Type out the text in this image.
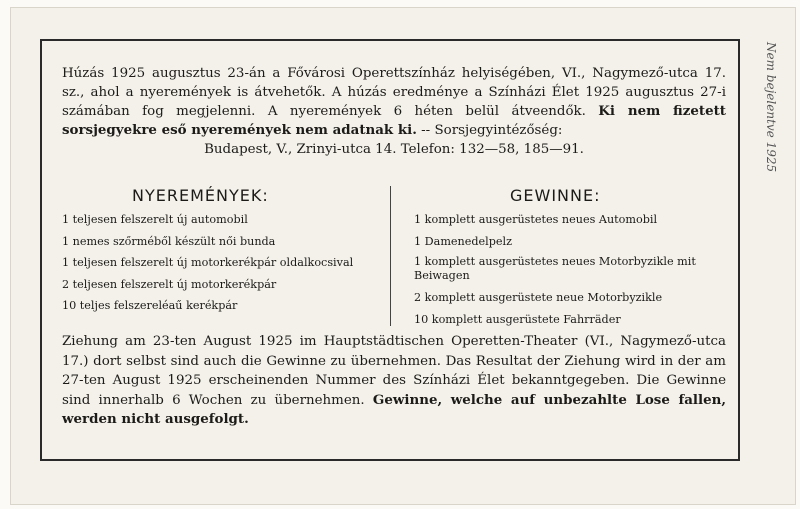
Húzás 1925 augusztus 23-án a Fővárosi Operettszínház helyiségében, VI., Nagymező-utca 17. sz., ahol a nyeremények is átvehetők. A húzás eredménye a Színházi Élet 1925 augusztus 27-i számában fog megjelenni. A nyeremények 6 héten belül átveendők. Ki nem fizetett sorsjegyekre eső nyeremények nem adatnak ki. -- Sorsjegyintézőség:
Budapest, V., Zrinyi-utca 14. Telefon: 132—58, 185—91.
NYEREMÉNYEK:	GEWINNE:
1 teljesen felszerelt új automobil
1 nemes szőrméből készült női bunda
1 teljesen felszerelt új motorkerékpár oldalkocsival
2 teljesen felszerelt új motorkerékpár
10 teljes felszereléaű kerékpár
1 komplett ausgerüstetes neues Automobil
1 Damenedelpelz
1 komplett ausgerüstetes neues Motorbyzikle mit Beiwagen
2 komplett ausgerüstete neue Motorbyzikle
10 komplett ausgerüstete Fahrräder
Ziehung am 23-ten August 1925 im Hauptstädtischen Operetten-Theater (VI., Nagymező-utca 17.) dort selbst sind auch die Gewinne zu übernehmen. Das Resultat der Ziehung wird in der am 27-ten August 1925 erscheinenden Nummer des Színházi Élet bekanntgegeben. Die Gewinne sind innerhalb 6 Wochen zu übernehmen. Gewinne, welche auf unbezahlte Lose fallen, werden nicht ausgefolgt.
Nem bejelentve 1925
